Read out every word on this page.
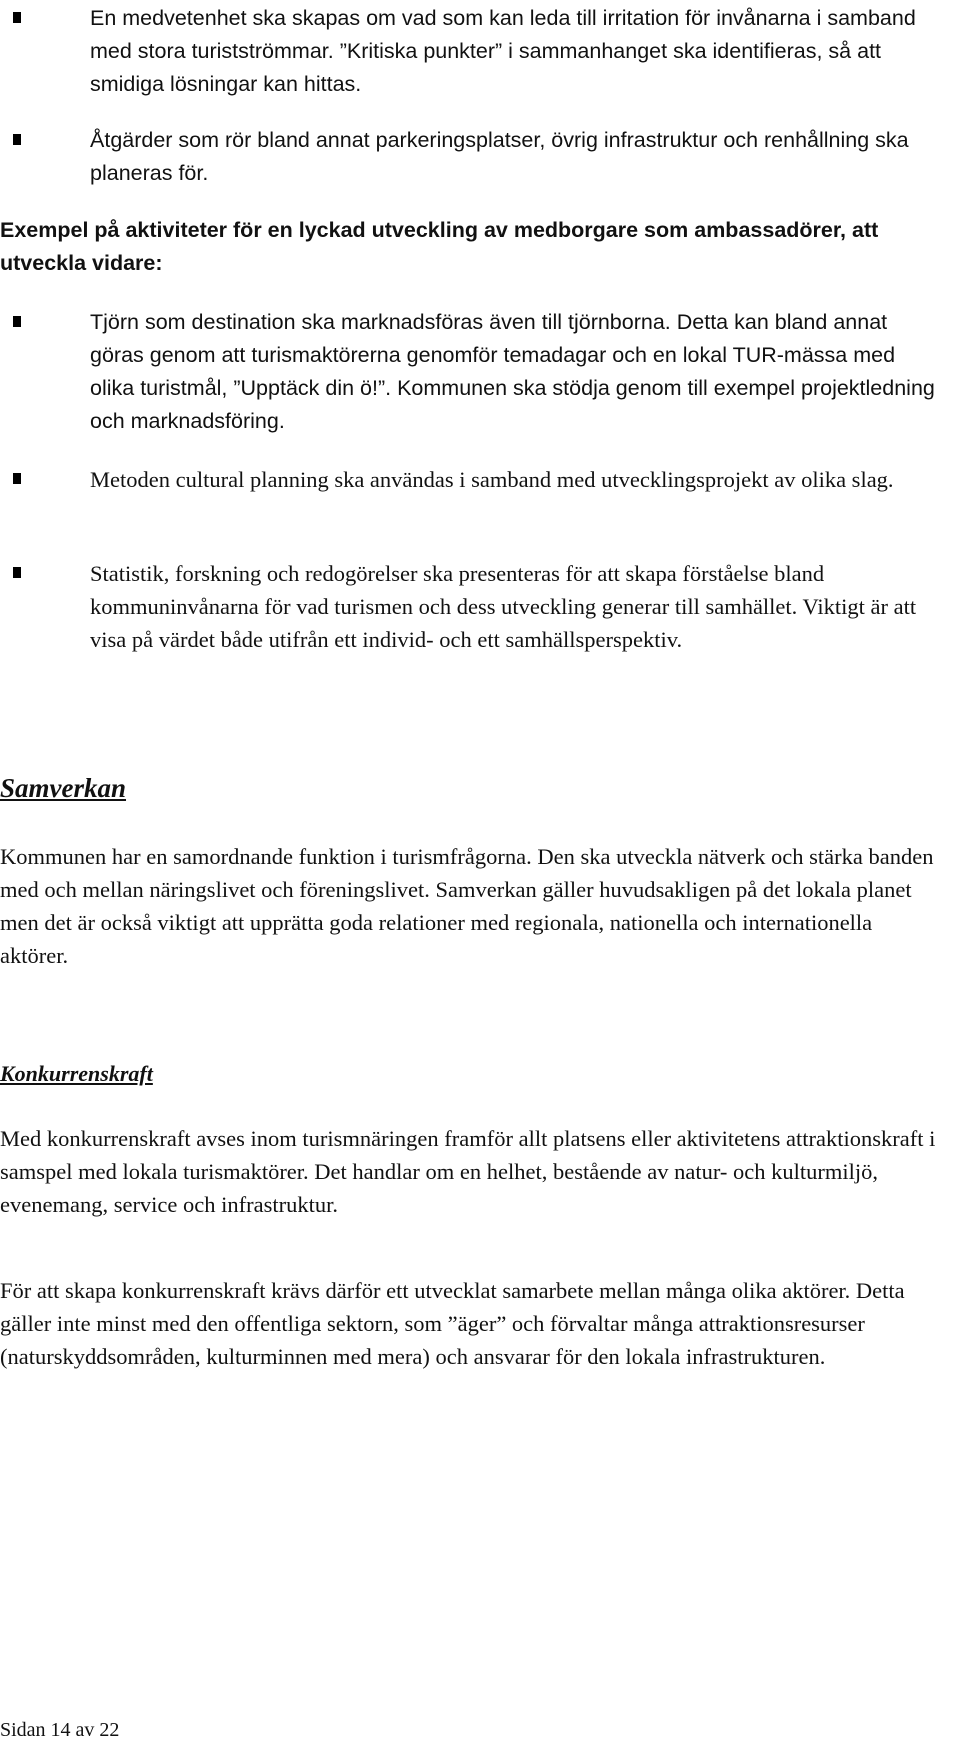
En medvetenhet ska skapas om vad som kan leda till irritation för invånarna i samband med stora turistströmmar. ”Kritiska punkter” i sammanhanget ska identifieras, så att smidiga lösningar kan hittas.
Åtgärder som rör bland annat parkeringsplatser, övrig infrastruktur och renhållning ska planeras för.
Exempel på aktiviteter för en lyckad utveckling av medborgare som ambassadörer, att utveckla vidare:
Tjörn som destination ska marknadsföras även till tjörnborna. Detta kan bland annat göras genom att turismaktörerna genomför temadagar och en lokal TUR-mässa med olika turistmål, ”Upptäck din ö!”. Kommunen ska stödja genom till exempel projektledning och marknadsföring.
Metoden cultural planning ska användas i samband med utvecklingsprojekt av olika slag.
Statistik, forskning och redogörelser ska presenteras för att skapa förståelse bland kommuninvånarna för vad turismen och dess utveckling generar till samhället. Viktigt är att visa på värdet både utifrån ett individ- och ett samhällsperspektiv.
Samverkan
Kommunen har en samordnande funktion i turismfrågorna. Den ska utveckla nätverk och stärka banden med och mellan näringslivet och föreningslivet. Samverkan gäller huvudsakligen på det lokala planet men det är också viktigt att upprätta goda relationer med regionala, nationella och internationella aktörer.
Konkurrenskraft
Med konkurrenskraft avses inom turismnäringen framför allt platsens eller aktivitetens attraktionskraft i samspel med lokala turismaktörer. Det handlar om en helhet, bestående av natur- och kulturmiljö, evenemang, service och infrastruktur.
För att skapa konkurrenskraft krävs därför ett utvecklat samarbete mellan många olika aktörer. Detta gäller inte minst med den offentliga sektorn, som ”äger” och förvaltar många attraktionsresurser (naturskyddsområden, kulturminnen med mera) och ansvarar för den lokala infrastrukturen.
Sidan 14 av 22
